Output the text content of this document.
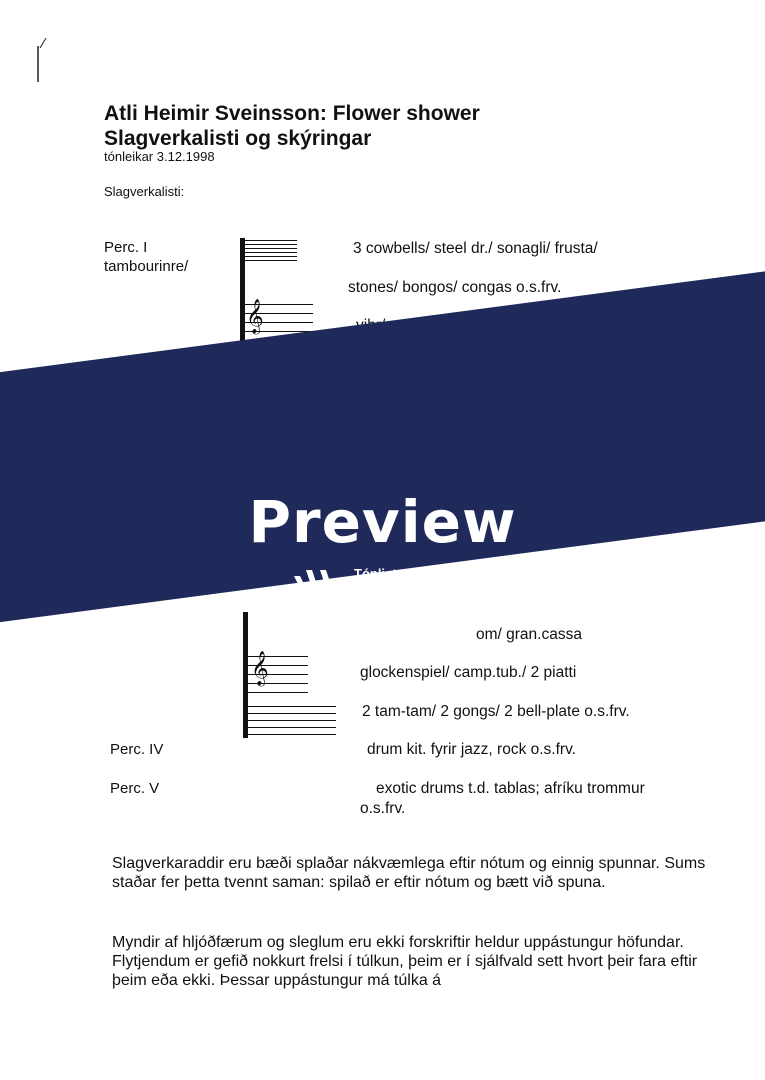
Atli Heimir Sveinsson: Flower shower
Slagverkalisti og skýringar
tónleikar 3.12.1998
Slagverkalisti:
Perc. I
tambourinre/
𝄞
3 cowbells/ steel dr./ sonagli/ frusta/
stones/ bongos/ congas o.s.frv.
𝄞
om/ gran.cassa
glockenspiel/ camp.tub./ 2 piatti
2 tam-tam/ 2 gongs/ 2 bell-plate o.s.frv.
Perc. IV	drum kit. fyrir jazz, rock o.s.frv.
Perc. V	exotic drums t.d. tablas; afríku trommur
o.s.frv.

Slagverkaraddir eru bæði splaðar nákvæmlega eftir nótum og einnig spunnar. Sums staðar fer þetta tvennt saman: spilað er eftir nótum og bætt við spuna.

Myndir af hljóðfærum og sleglum eru ekki forskriftir heldur uppástungur höfundar. Flytjendum er gefið nokkurt frelsi í túlkun, þeim er í sjálfvald sett hvort þeir fara eftir þeim eða ekki. Þessar uppástungur má túlka á

Preview
Tónlistarmiðstöð
Iceland Music
